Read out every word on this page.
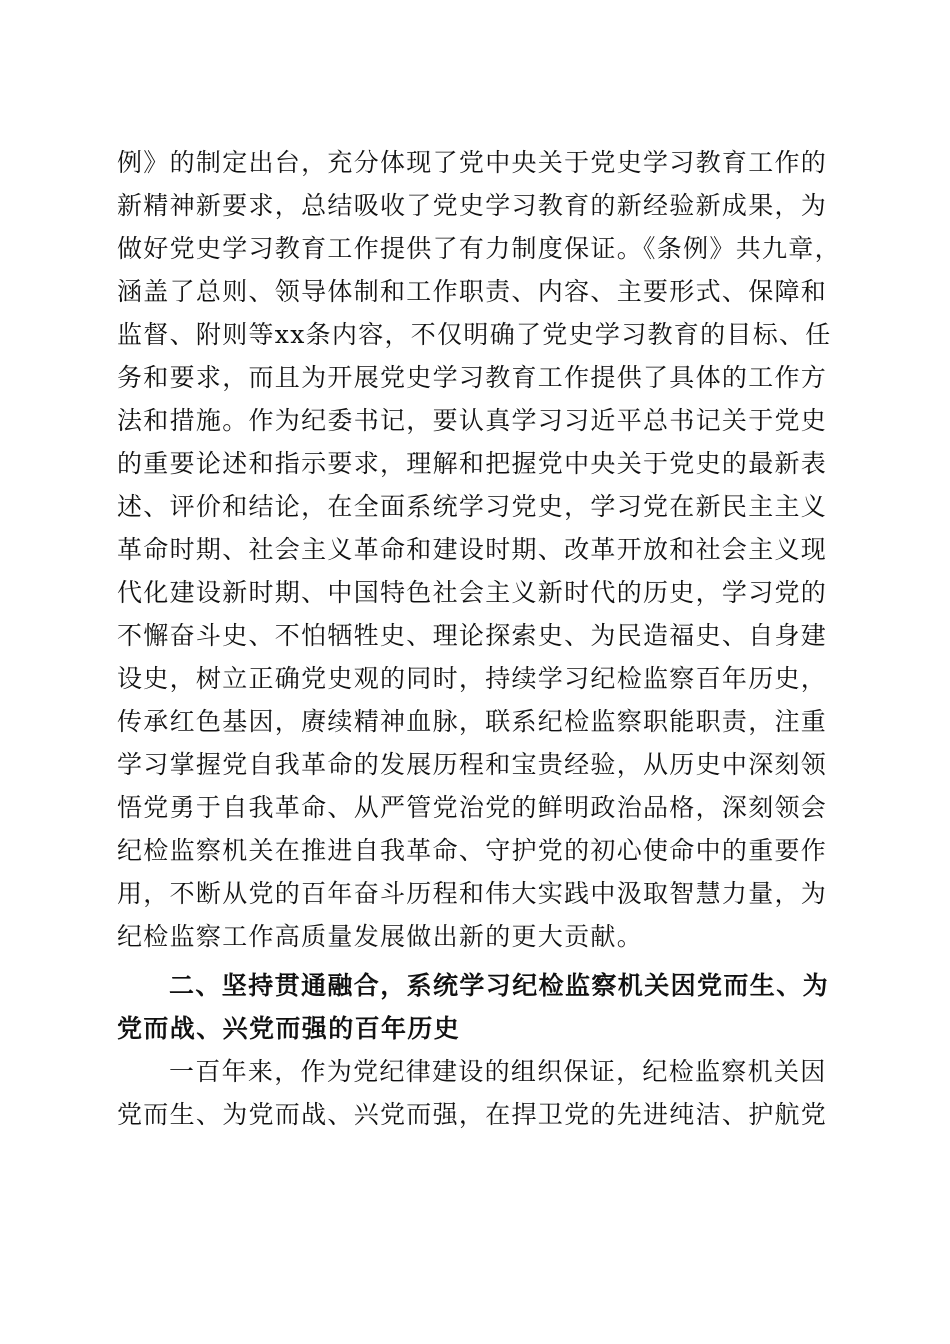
例》的制定出台，充分体现了党中央关于党史学习教育工作的
新精神新要求，总结吸收了党史学习教育的新经验新成果，为
做好党史学习教育工作提供了有力制度保证。《条例》共九章，
涵盖了总则、领导体制和工作职责、内容、主要形式、保障和
监督、附则等xx条内容，不仅明确了党史学习教育的目标、任
务和要求，而且为开展党史学习教育工作提供了具体的工作方
法和措施。作为纪委书记，要认真学习习近平总书记关于党史
的重要论述和指示要求，理解和把握党中央关于党史的最新表
述、评价和结论，在全面系统学习党史，学习党在新民主主义
革命时期、社会主义革命和建设时期、改革开放和社会主义现
代化建设新时期、中国特色社会主义新时代的历史，学习党的
不懈奋斗史、不怕牺牲史、理论探索史、为民造福史、自身建
设史，树立正确党史观的同时，持续学习纪检监察百年历史，
传承红色基因，赓续精神血脉，联系纪检监察职能职责，注重
学习掌握党自我革命的发展历程和宝贵经验，从历史中深刻领
悟党勇于自我革命、从严管党治党的鲜明政治品格，深刻领会
纪检监察机关在推进自我革命、守护党的初心使命中的重要作
用，不断从党的百年奋斗历程和伟大实践中汲取智慧力量，为
纪检监察工作高质量发展做出新的更大贡献。
二、坚持贯通融合，系统学习纪检监察机关因党而生、为
党而战、兴党而强的百年历史
一百年来，作为党纪律建设的组织保证，纪检监察机关因
党而生、为党而战、兴党而强，在捍卫党的先进纯洁、护航党
